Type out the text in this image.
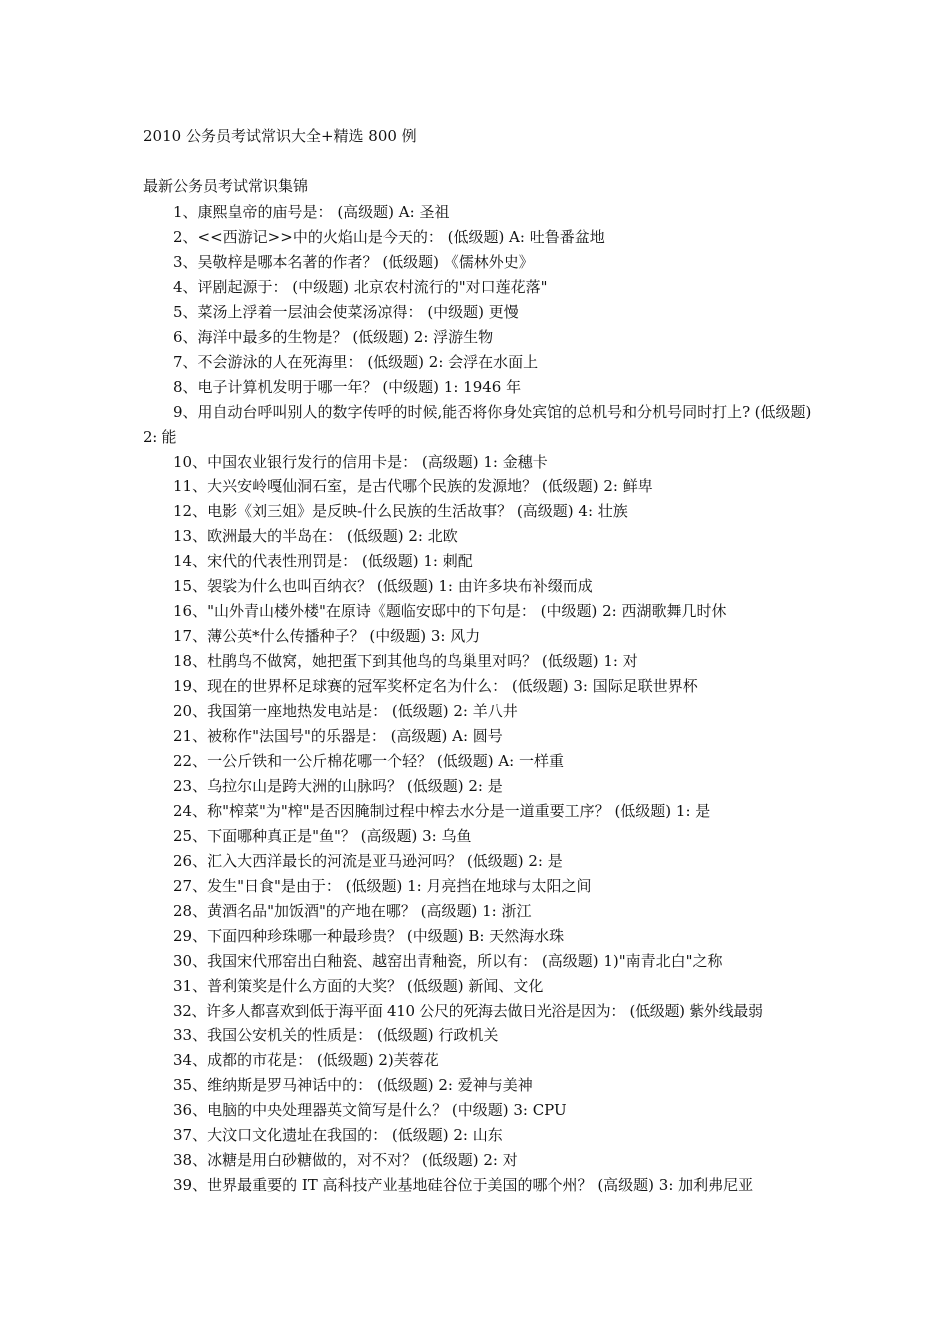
2010 公务员考试常识大全+精选 800 例
最新公务员考试常识集锦
1、康熙皇帝的庙号是： (高级题) A: 圣祖
2、<<西游记>>中的火焰山是今天的： (低级题) A: 吐鲁番盆地
3、吴敬梓是哪本名著的作者？ (低级题) 《儒林外史》
4、评剧起源于： (中级题) 北京农村流行的"对口莲花落"
5、菜汤上浮着一层油会使菜汤凉得： (中级题) 更慢
6、海洋中最多的生物是？ (低级题) 2: 浮游生物
7、不会游泳的人在死海里： (低级题) 2: 会浮在水面上
8、电子计算机发明于哪一年？ (中级题) 1: 1946 年
9、用自动台呼叫别人的数字传呼的时候,能否将你身处宾馆的总机号和分机号同时打上? (低级题) 2: 能
10、中国农业银行发行的信用卡是： (高级题) 1: 金穗卡
11、大兴安岭嘎仙洞石室，是古代哪个民族的发源地？ (低级题) 2: 鲜卑
12、电影《刘三姐》是反映-什么民族的生活故事？ (高级题) 4: 壮族
13、欧洲最大的半岛在： (低级题) 2: 北欧
14、宋代的代表性刑罚是： (低级题) 1: 刺配
15、袈裟为什么也叫百纳衣？ (低级题) 1: 由许多块布补缀而成
16、"山外青山楼外楼"在原诗《题临安邸中的下句是： (中级题) 2: 西湖歌舞几时休
17、薄公英*什么传播种子？ (中级题) 3: 风力
18、杜鹃鸟不做窝，她把蛋下到其他鸟的鸟巢里对吗？ (低级题) 1: 对
19、现在的世界杯足球赛的冠军奖杯定名为什么： (低级题) 3: 国际足联世界杯
20、我国第一座地热发电站是： (低级题) 2: 羊八井
21、被称作"法国号"的乐器是： (高级题) A: 圆号
22、一公斤铁和一公斤棉花哪一个轻？ (低级题) A: 一样重
23、乌拉尔山是跨大洲的山脉吗？ (低级题) 2: 是
24、称"榨菜"为"榨"是否因腌制过程中榨去水分是一道重要工序？ (低级题) 1: 是
25、下面哪种真正是"鱼"？ (高级题) 3: 乌鱼
26、汇入大西洋最长的河流是亚马逊河吗？ (低级题) 2: 是
27、发生"日食"是由于： (低级题) 1: 月亮挡在地球与太阳之间
28、黄酒名品"加饭酒"的产地在哪？ (高级题) 1: 浙江
29、下面四种珍珠哪一种最珍贵？ (中级题) B: 天然海水珠
30、我国宋代邢窑出白釉瓷、越窑出青釉瓷，所以有： (高级题) 1)"南青北白"之称
31、普利策奖是什么方面的大奖？ (低级题) 新闻、文化
32、许多人都喜欢到低于海平面 410 公尺的死海去做日光浴是因为： (低级题) 紫外线最弱
33、我国公安机关的性质是： (低级题) 行政机关
34、成都的市花是： (低级题) 2)芙蓉花
35、维纳斯是罗马神话中的： (低级题) 2: 爱神与美神
36、电脑的中央处理器英文简写是什么？ (中级题) 3: CPU
37、大汶口文化遗址在我国的： (低级题) 2: 山东
38、冰糖是用白砂糖做的，对不对？ (低级题) 2: 对
39、世界最重要的 IT 高科技产业基地硅谷位于美国的哪个州？ (高级题) 3: 加利弗尼亚
